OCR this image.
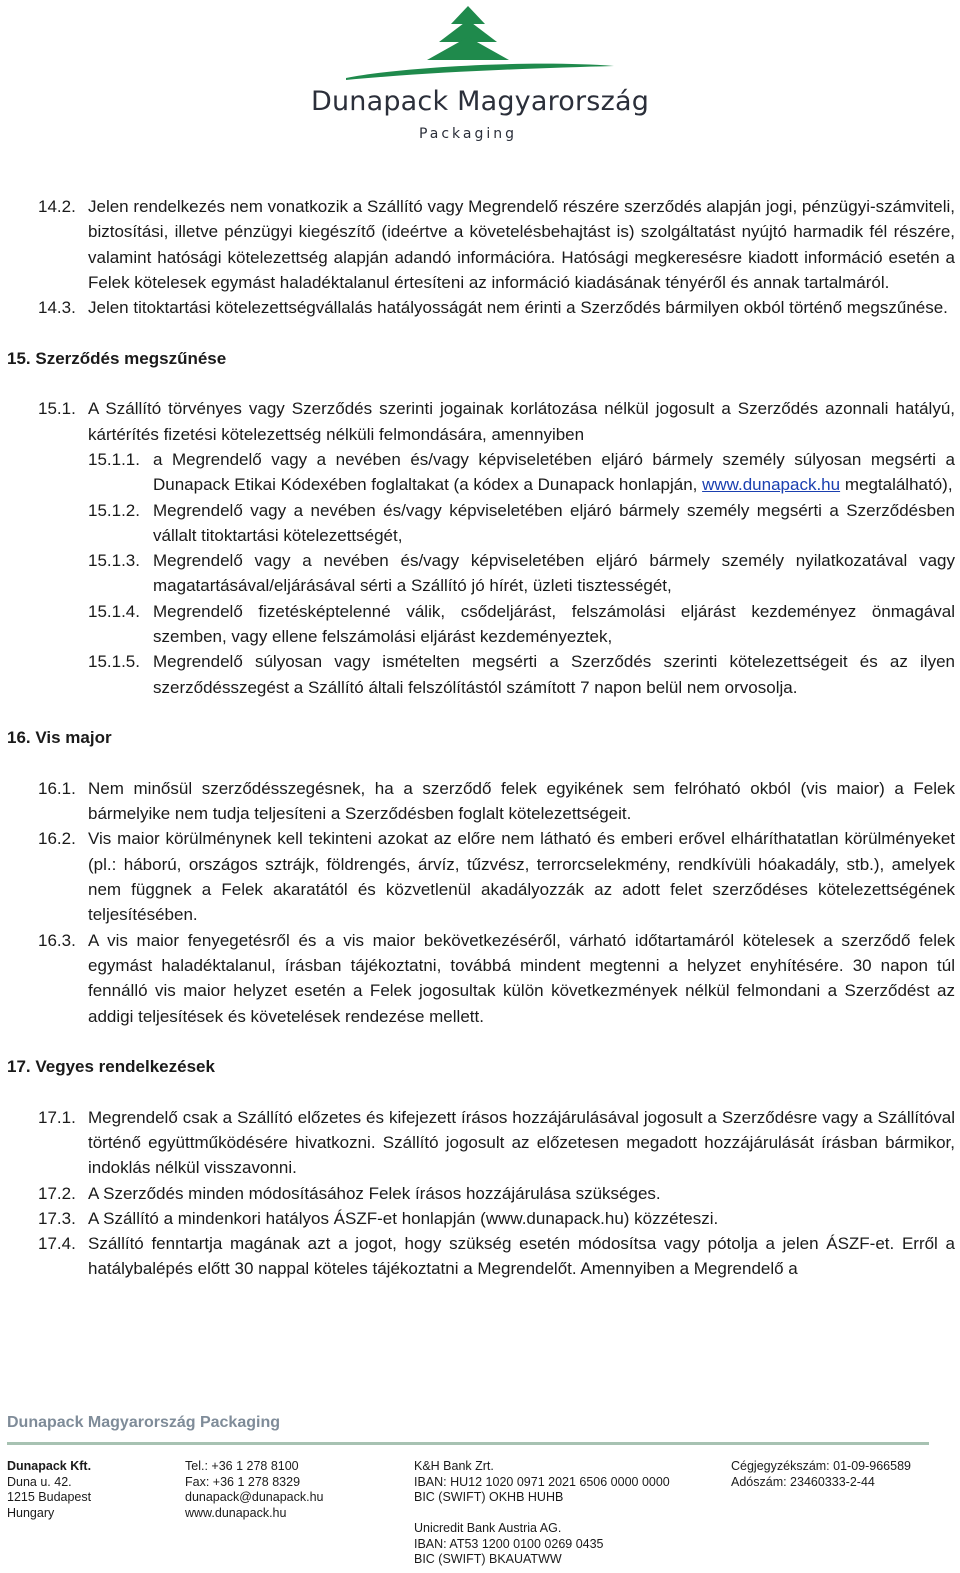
Dunapack Magyarország
Packaging
14.2. Jelen rendelkezés nem vonatkozik a Szállító vagy Megrendelő részére szerződés alapján jogi, pénzügyi-számviteli, biztosítási, illetve pénzügyi kiegészítő (ideértve a követelésbehajtást is) szolgáltatást nyújtó harmadik fél részére, valamint hatósági kötelezettség alapján adandó információra. Hatósági megkeresésre kiadott információ esetén a Felek kötelesek egymást haladéktalanul értesíteni az információ kiadásának tényéről és annak tartalmáról.
14.3. Jelen titoktartási kötelezettségvállalás hatályosságát nem érinti a Szerződés bármilyen okból történő megszűnése.
15. Szerződés megszűnése
15.1. A Szállító törvényes vagy Szerződés szerinti jogainak korlátozása nélkül jogosult a Szerződés azonnali hatályú, kártérítés fizetési kötelezettség nélküli felmondására, amennyiben
15.1.1. a Megrendelő vagy a nevében és/vagy képviseletében eljáró bármely személy súlyosan megsérti a Dunapack Etikai Kódexében foglaltakat (a kódex a Dunapack honlapján, www.dunapack.hu megtalálható),
15.1.2. Megrendelő vagy a nevében és/vagy képviseletében eljáró bármely személy megsérti a Szerződésben vállalt titoktartási kötelezettségét,
15.1.3. Megrendelő vagy a nevében és/vagy képviseletében eljáró bármely személy nyilatkozatával vagy magatartásával/eljárásával sérti a Szállító jó hírét, üzleti tisztességét,
15.1.4. Megrendelő fizetésképtelenné válik, csődeljárást, felszámolási eljárást kezdeményez önmagával szemben, vagy ellene felszámolási eljárást kezdeményeztek,
15.1.5. Megrendelő súlyosan vagy ismételten megsérti a Szerződés szerinti kötelezettségeit és az ilyen szerződésszegést a Szállító általi felszólítástól számított 7 napon belül nem orvosolja.
16. Vis major
16.1. Nem minősül szerződésszegésnek, ha a szerződő felek egyikének sem felróható okból (vis maior) a Felek bármelyike nem tudja teljesíteni a Szerződésben foglalt kötelezettségeit.
16.2. Vis maior körülménynek kell tekinteni azokat az előre nem látható és emberi erővel elháríthatatlan körülményeket (pl.: háború, országos sztrájk, földrengés, árvíz, tűzvész, terrorcselekmény, rendkívüli hóakadály, stb.), amelyek nem függnek a Felek akaratától és közvetlenül akadályozzák az adott felet szerződéses kötelezettségének teljesítésében.
16.3. A vis maior fenyegetésről és a vis maior bekövetkezéséről, várható időtartamáról kötelesek a szerződő felek egymást haladéktalanul, írásban tájékoztatni, továbbá mindent megtenni a helyzet enyhítésére. 30 napon túl fennálló vis maior helyzet esetén a Felek jogosultak külön következmények nélkül felmondani a Szerződést az addigi teljesítések és követelések rendezése mellett.
17. Vegyes rendelkezések
17.1. Megrendelő csak a Szállító előzetes és kifejezett írásos hozzájárulásával jogosult a Szerződésre vagy a Szállítóval történő együttműködésére hivatkozni. Szállító jogosult az előzetesen megadott hozzájárulását írásban bármikor, indoklás nélkül visszavonni.
17.2. A Szerződés minden módosításához Felek írásos hozzájárulása szükséges.
17.3. A Szállító a mindenkori hatályos ÁSZF-et honlapján (www.dunapack.hu) közzéteszi.
17.4. Szállító fenntartja magának azt a jogot, hogy szükség esetén módosítsa vagy pótolja a jelen ÁSZF-et. Erről a hatálybalépés előtt 30 nappal köteles tájékoztatni a Megrendelőt. Amennyiben a Megrendelő a
Dunapack Magyarország Packaging
Dunapack Kft.
Duna u. 42.
1215 Budapest
Hungary
Tel.: +36 1 278 8100
Fax: +36 1 278 8329
dunapack@dunapack.hu
www.dunapack.hu
K&H Bank Zrt.
IBAN: HU12 1020 0971 2021 6506 0000 0000
BIC (SWIFT) OKHB HUHB
Unicredit Bank Austria AG.
IBAN: AT53 1200 0100 0269 0435
BIC (SWIFT) BKAUATWW
Cégjegyzékszám: 01-09-966589
Adószám: 23460333-2-44
